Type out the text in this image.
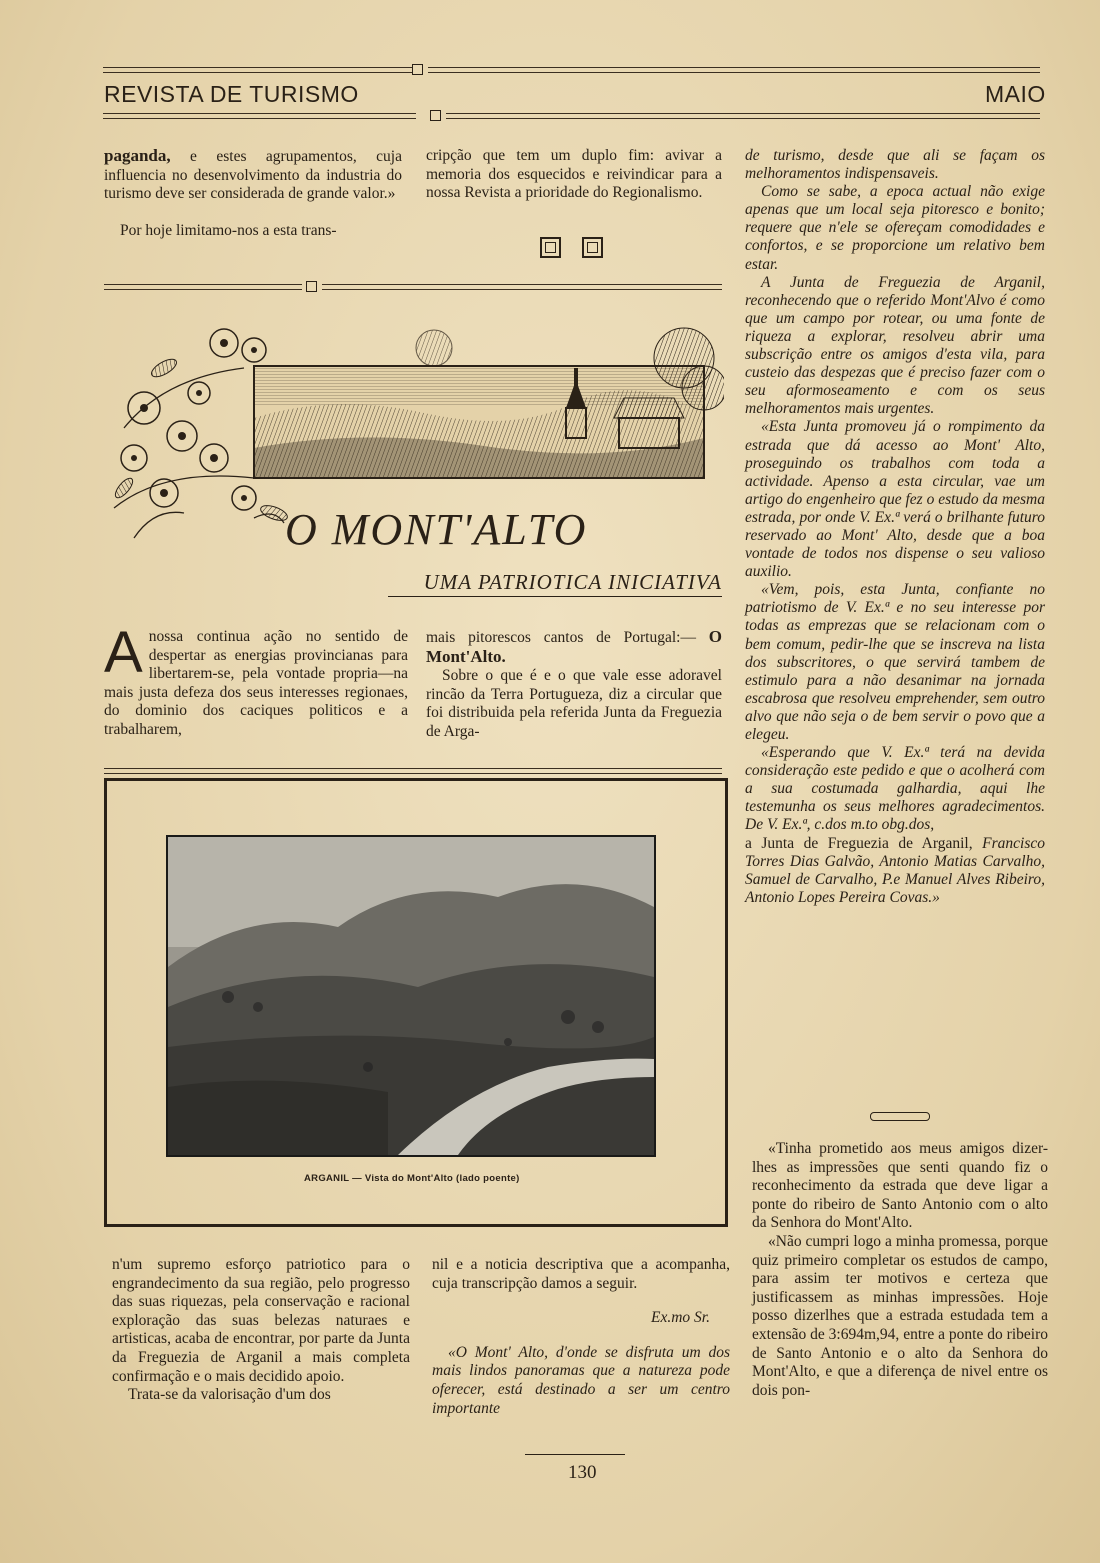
REVISTA DE TURISMO	MAIO

paganda, e estes agrupamentos, cuja influencia no desenvolvimento da industria do turismo deve ser considerada de grande valor.»

Por hoje limitamo-nos a esta trans-

cripção que tem um duplo fim: avivar a memoria dos esquecidos e reivindicar para a nossa Revista a prioridade do Regionalismo.

O MONT'ALTO
UMA PATRIOTICA INICIATIVA

Anossa continua ação no sentido de despertar as energias provincianas para libertarem-se, pela vontade propria—na mais justa defeza dos seus interesses regionaes, do dominio dos caciques politicos e a trabalharem,

mais pitorescos cantos de Portugal:— O Mont'Alto.

Sobre o que é e o que vale esse adoravel rincão da Terra Portugueza, diz a circular que foi distribuida pela referida Junta da Freguezia de Arga-

ARGANIL — Vista do Mont'Alto (lado poente)

n'um supremo esforço patriotico para o engrandecimento da sua região, pelo progresso das suas riquezas, pela conservação e racional exploração das suas belezas naturaes e artisticas, acaba de encontrar, por parte da Junta da Freguezia de Arganil a mais completa confirmação e o mais decidido apoio.

Trata-se da valorisação d'um dos

nil e a noticia descriptiva que a acompanha, cuja transcripção damos a seguir.

Ex.mo Sr.

«O Mont' Alto, d'onde se disfruta um dos mais lindos panoramas que a natureza pode oferecer, está destinado a ser um centro importante

de turismo, desde que ali se façam os melhoramentos indispensaveis.

Como se sabe, a epoca actual não exige apenas que um local seja pitoresco e bonito; requere que n'ele se ofereçam comodidades e confortos, e se proporcione um relativo bem estar.

A Junta de Freguezia de Arganil, reconhecendo que o referido Mont'Alvo é como que um campo por rotear, ou uma fonte de riqueza a explorar, resolveu abrir uma subscrição entre os amigos d'esta vila, para custeio das despezas que é preciso fazer com o seu aformoseamento e com os seus melhoramentos mais urgentes.

«Esta Junta promoveu já o rompimento da estrada que dá acesso ao Mont' Alto, proseguindo os trabalhos com toda a actividade. Apenso a esta circular, vae um artigo do engenheiro que fez o estudo da mesma estrada, por onde V. Ex.ª verá o brilhante futuro reservado ao Mont' Alto, desde que a boa vontade de todos nos dispense o seu valioso auxilio.

«Vem, pois, esta Junta, confiante no patriotismo de V. Ex.ª e no seu interesse por todas as emprezas que se relacionam com o bem comum, pedir-lhe que se inscreva na lista dos subscritores, o que servirá tambem de estimulo para a não desanimar na jornada escabrosa que resolveu emprehender, sem outro alvo que não seja o de bem servir o povo que a elegeu.

«Esperando que V. Ex.ª terá na devida consideração este pedido e que o acolherá com a sua costumada galhardia, aqui lhe testemunha os seus melhores agradecimentos. De V. Ex.ª, c.dos m.to obg.dos,

a Junta de Freguezia de Arganil, Francisco Torres Dias Galvão, Antonio Matias Carvalho, Samuel de Carvalho, P.e Manuel Alves Ribeiro, Antonio Lopes Pereira Covas.»

«Tinha prometido aos meus amigos dizer-lhes as impressões que senti quando fiz o reconhecimento da estrada que deve ligar a ponte do ribeiro de Santo Antonio com o alto da Senhora do Mont'Alto.

«Não cumpri logo a minha promessa, porque quiz primeiro completar os estudos de campo, para assim ter motivos e certeza que justificassem as minhas impressões. Hoje posso dizerlhes que a estrada estudada tem a extensão de 3:694m,94, entre a ponte do ribeiro de Santo Antonio e o alto da Senhora do Mont'Alto, e que a diferença de nivel entre os dois pon-

130
